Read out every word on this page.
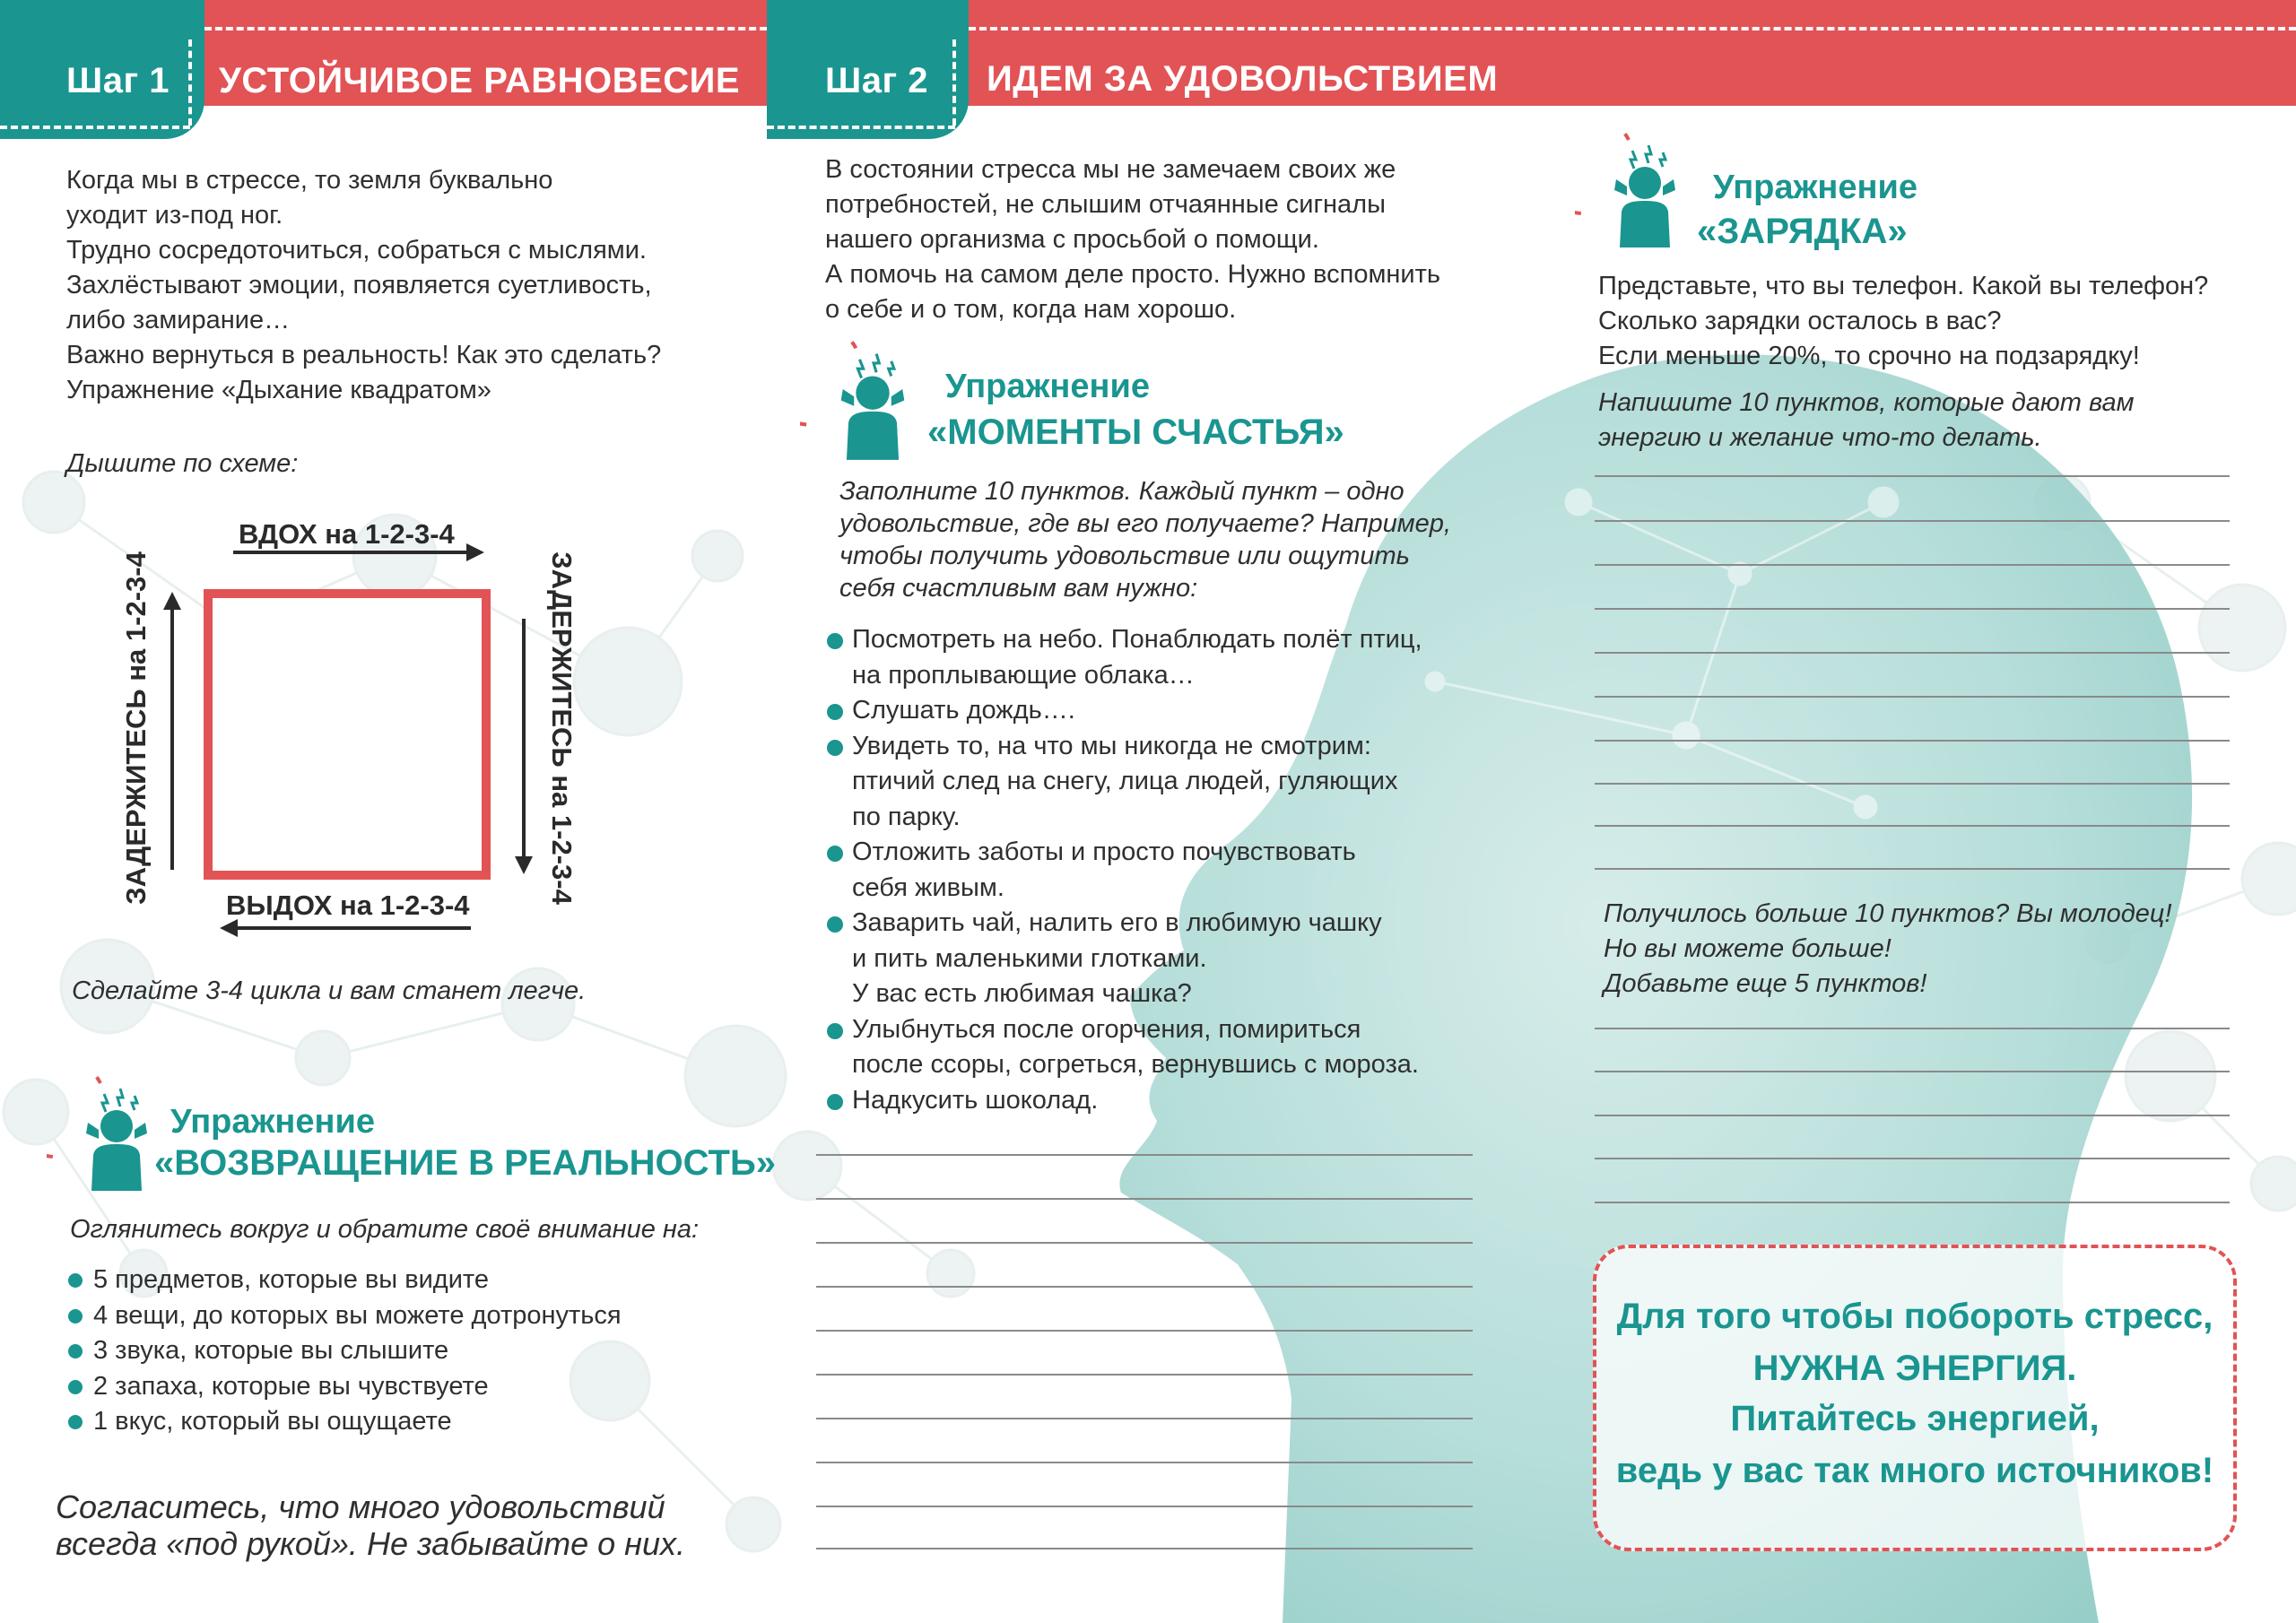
Шаг 1 УСТОЙЧИВОЕ РАВНОВЕСИЕ Шаг 2 ИДЕМ ЗА УДОВОЛЬСТВИЕМ
Когда мы в стрессе, то земля буквально
уходит из-под ног.
Трудно сосредоточиться, собраться с мыслями.
Захлёстывают эмоции, появляется суетливость,
либо замирание…
Важно вернуться в реальность! Как это сделать?
Упражнение «Дыхание квадратом»
Дышите по схеме:
ВДОХ на 1-2-3-4
ВЫДОХ на 1-2-3-4
ЗАДЕРЖИТЕСЬ на 1-2-3-4	ЗАДЕРЖИТЕСЬ на 1-2-3-4
Сделайте 3-4 цикла и вам станет легче.
Упражнение
«ВОЗВРАЩЕНИЕ В РЕАЛЬНОСТЬ»
Оглянитесь вокруг и обратите своё внимание на:
5 предметов, которые вы видите
4 вещи, до которых вы можете дотронуться
3 звука, которые вы слышите
2 запаха, которые вы чувствуете
1 вкус, который вы ощущаете
Согласитесь, что много удовольствий
всегда «под рукой». Не забывайте о них.
В состоянии стресса мы не замечаем своих же
потребностей, не слышим отчаянные сигналы
нашего организма с просьбой о помощи.
А помочь на самом деле просто. Нужно вспомнить
о себе и о том, когда нам хорошо.
Упражнение
«МОМЕНТЫ СЧАСТЬЯ»
Заполните 10 пунктов. Каждый пункт – одно
удовольствие, где вы его получаете? Например,
чтобы получить удовольствие или ощутить
себя счастливым вам нужно:
Посмотреть на небо. Понаблюдать полёт птиц,
на проплывающие облака…
Слушать дождь….
Увидеть то, на что мы никогда не смотрим:
птичий след на снегу, лица людей, гуляющих
по парку.
Отложить заботы и просто почувствовать
себя живым.
Заварить чай, налить его в любимую чашку
и пить маленькими глотками.
У вас есть любимая чашка?
Улыбнуться после огорчения, помириться
после ссоры, согреться, вернувшись с мороза.
Надкусить шоколад.
Упражнение
«ЗАРЯДКА»
Представьте, что вы телефон. Какой вы телефон?
Сколько зарядки осталось в вас?
Если меньше 20%, то срочно на подзарядку!
Напишите 10 пунктов, которые дают вам
энергию и желание что-то делать.
Получилось больше 10 пунктов? Вы молодец!
Но вы можете больше!
Добавьте еще 5 пунктов!
Для того чтобы побороть стресс,
НУЖНА ЭНЕРГИЯ.
Питайтесь энергией,
ведь у вас так много источников!
